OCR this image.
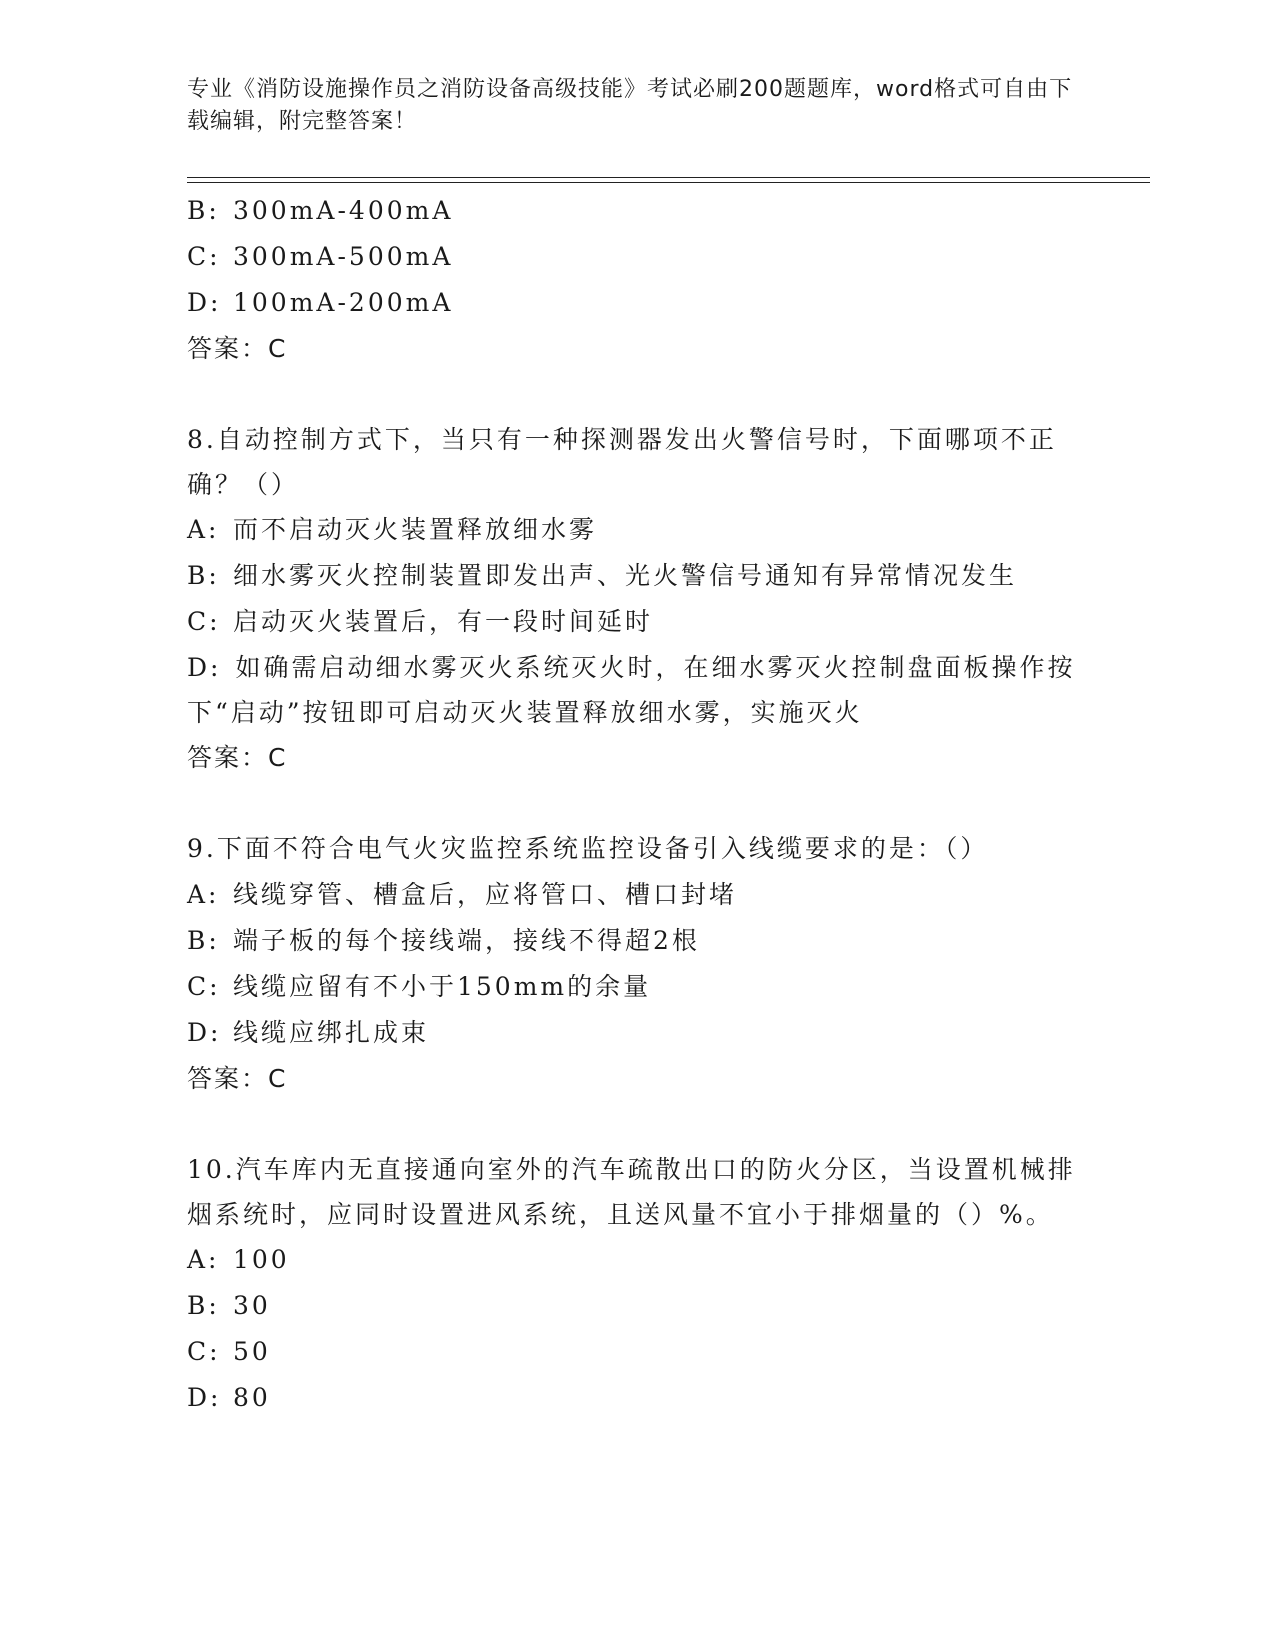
专业《消防设施操作员之消防设备高级技能》考试必刷200题题库，word格式可自由下载编辑，附完整答案！
B: 300mA-400mA
C: 300mA-500mA
D: 100mA-200mA
答案：C
8.自动控制方式下，当只有一种探测器发出火警信号时，下面哪项不正确？（）
A: 而不启动灭火装置释放细水雾
B: 细水雾灭火控制装置即发出声、光火警信号通知有异常情况发生
C: 启动灭火装置后，有一段时间延时
D: 如确需启动细水雾灭火系统灭火时，在细水雾灭火控制盘面板操作按下“启动”按钮即可启动灭火装置释放细水雾，实施灭火
答案：C
9.下面不符合电气火灾监控系统监控设备引入线缆要求的是：（）
A: 线缆穿管、槽盒后，应将管口、槽口封堵
B: 端子板的每个接线端，接线不得超2根
C: 线缆应留有不小于150mm的余量
D: 线缆应绑扎成束
答案：C
10.汽车库内无直接通向室外的汽车疏散出口的防火分区，当设置机械排烟系统时，应同时设置进风系统，且送风量不宜小于排烟量的（）%。
A: 100
B: 30
C: 50
D: 80
